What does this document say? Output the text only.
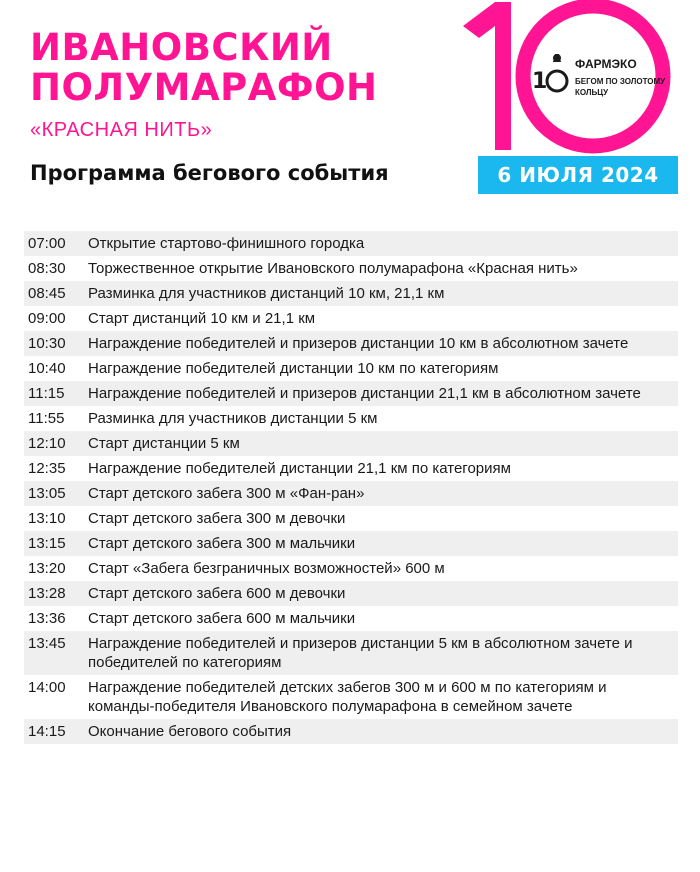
ИВАНОВСКИЙ
ПОЛУМАРАФОН
«КРАСНАЯ НИТЬ»
Программа бегового события
1
ФАРМЭКО
БЕГОМ ПО ЗОЛОТОМУ
КОЛЬЦУ
10
6 ИЮЛЯ 2024
07:00	Открытие стартово-финишного городка
08:30	Торжественное открытие Ивановского полумарафона «Красная нить»
08:45	Разминка для участников дистанций 10 км, 21,1 км
09:00	Старт дистанций 10 км и 21,1 км
10:30	Награждение победителей и призеров дистанции 10 км в абсолютном зачете
10:40	Награждение победителей дистанции 10 км по категориям
11:15	Награждение победителей и призеров дистанции 21,1 км в абсолютном зачете
11:55	Разминка для участников дистанции 5 км
12:10	Старт дистанции 5 км
12:35	Награждение победителей дистанции 21,1 км по категориям
13:05	Старт детского забега 300 м «Фан-ран»
13:10	Старт детского забега 300 м девочки
13:15	Старт детского забега 300 м мальчики
13:20	Старт «Забега безграничных возможностей» 600 м
13:28	Старт детского забега 600 м девочки
13:36	Старт детского забега 600 м мальчики
13:45	Награждение победителей и призеров дистанции 5 км в абсолютном зачете и победителей по категориям
14:00	Награждение победителей детских забегов 300 м и 600 м по категориям и команды-победителя Ивановского полумарафона в семейном зачете
14:15	Окончание бегового события
